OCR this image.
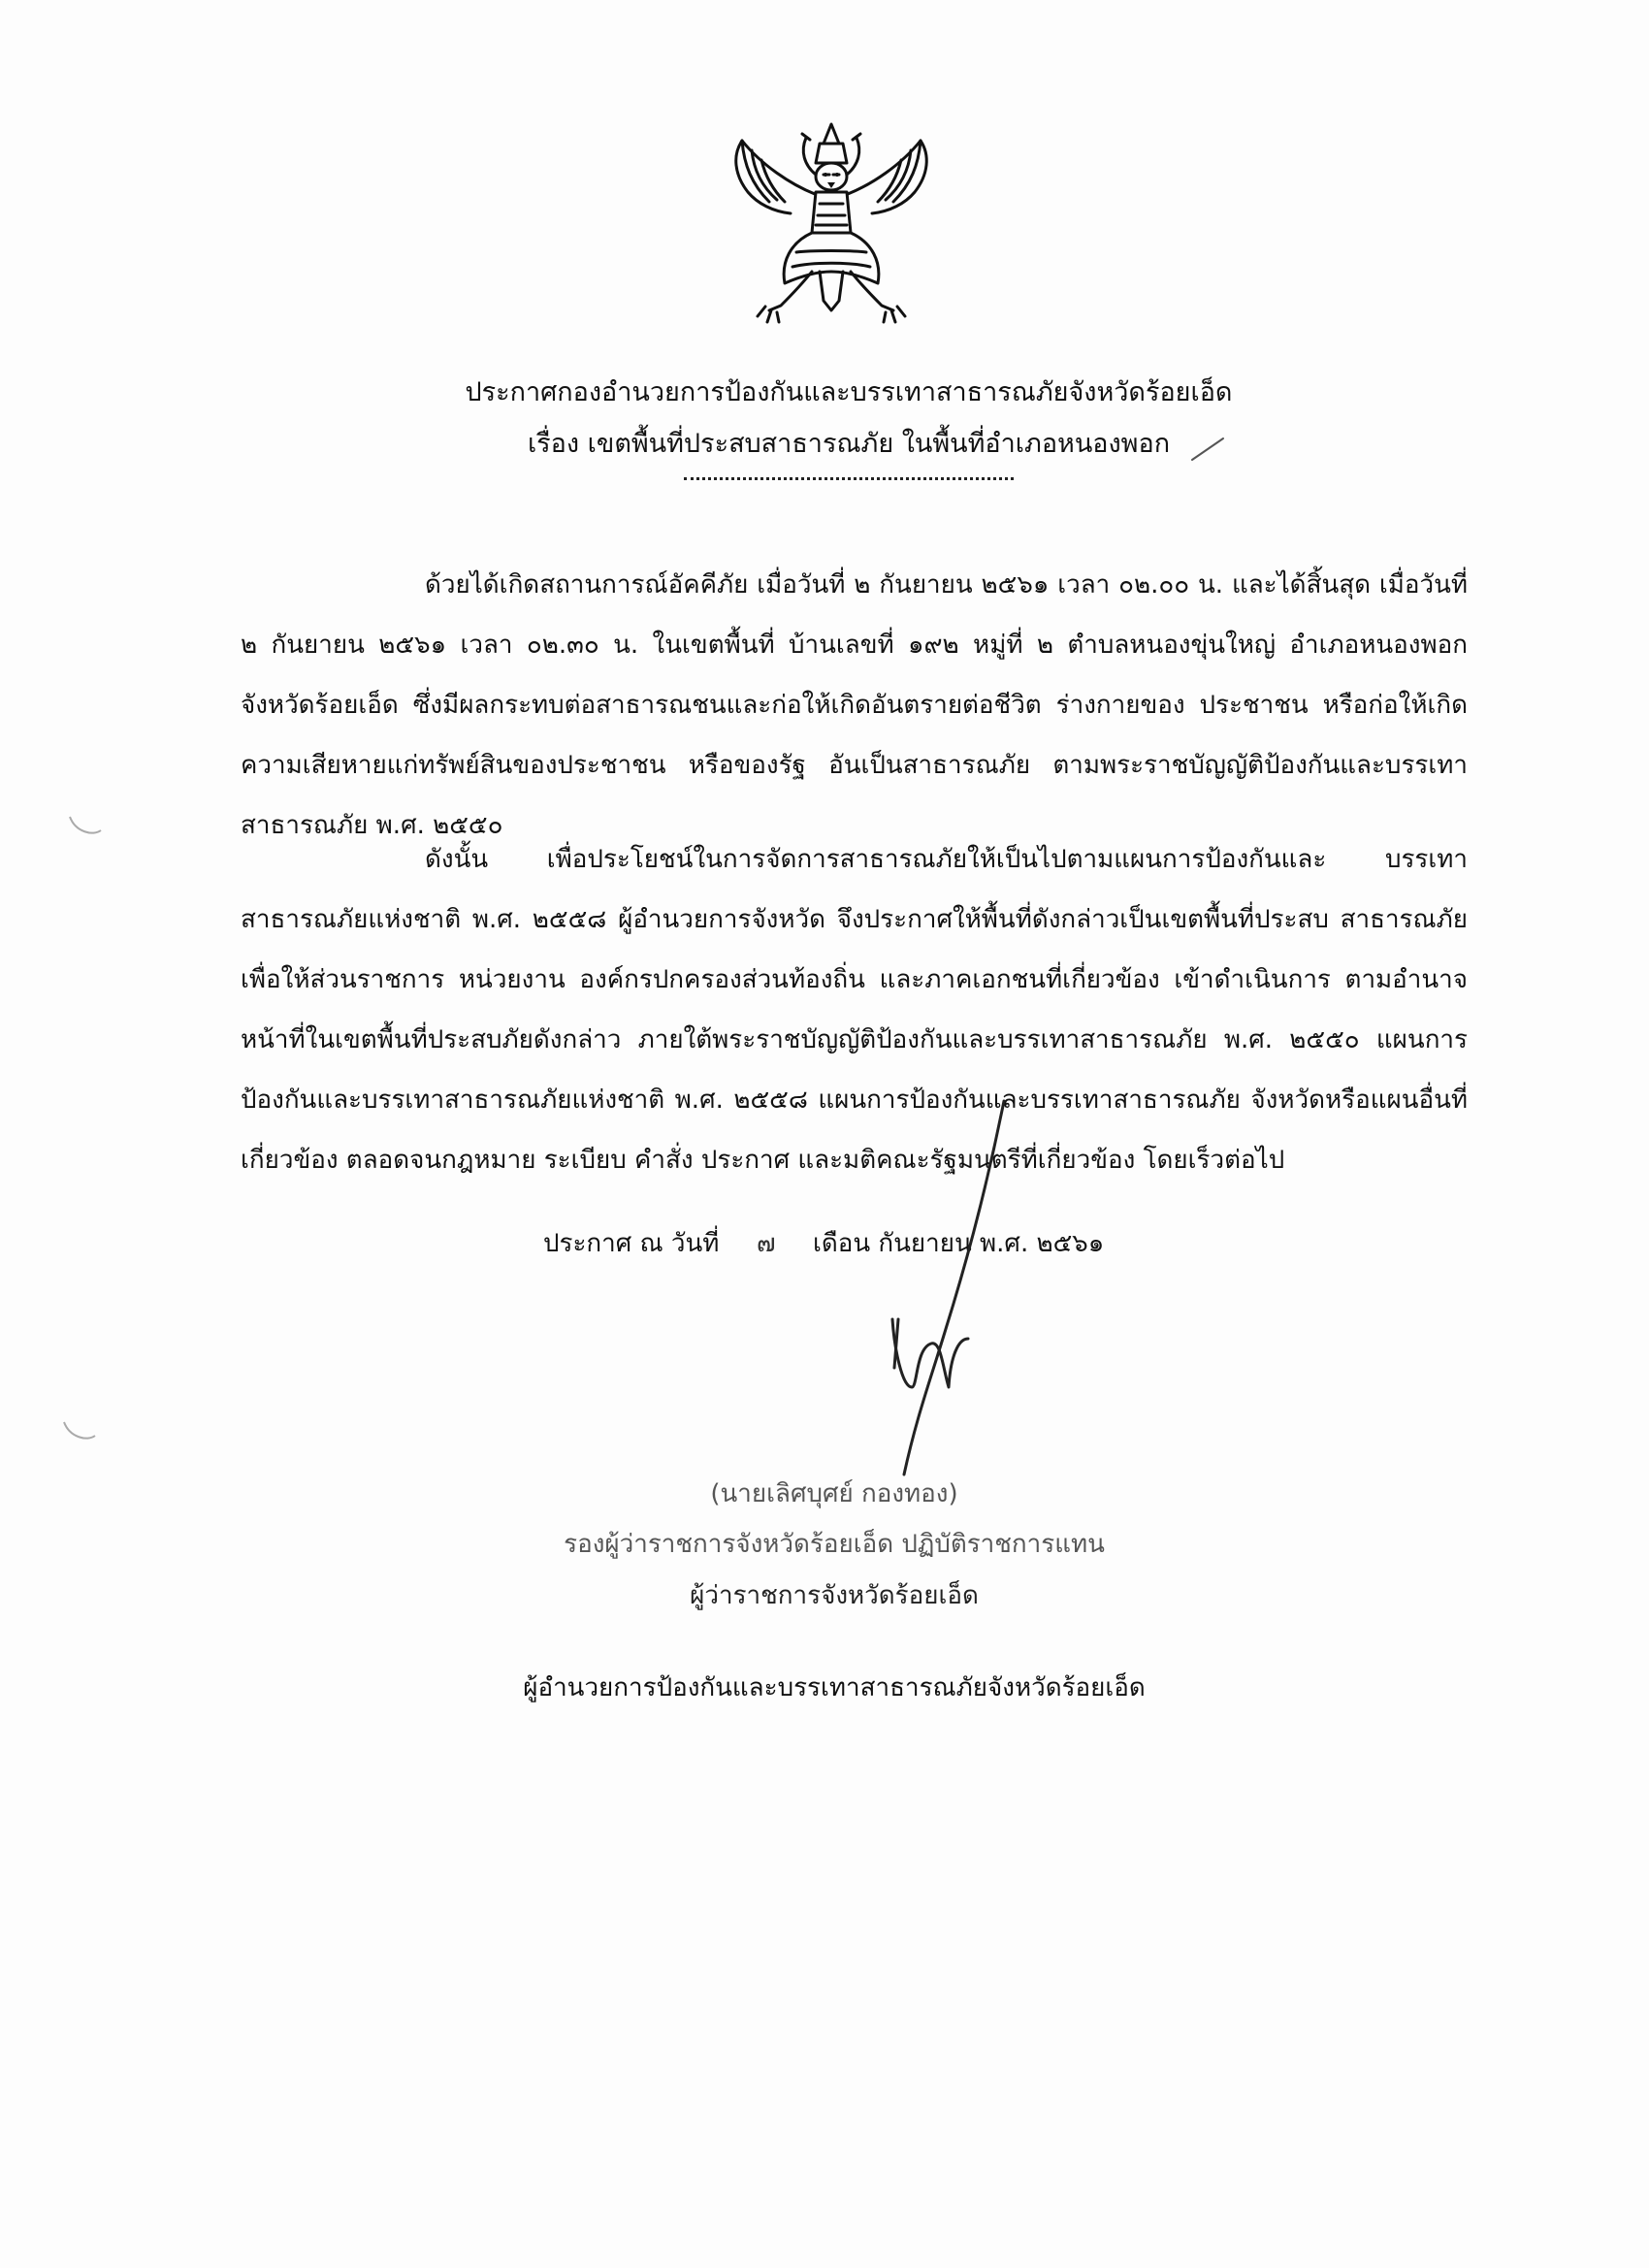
ประกาศกองอำนวยการป้องกันและบรรเทาสาธารณภัยจังหวัดร้อยเอ็ด
เรื่อง เขตพื้นที่ประสบสาธารณภัย ในพื้นที่อำเภอหนองพอก
ด้วยได้เกิดสถานการณ์อัคคีภัย เมื่อวันที่ ๒ กันยายน ๒๕๖๑ เวลา ๐๒.๐๐ น. และได้สิ้นสุด เมื่อวันที่ ๒ กันยายน ๒๕๖๑ เวลา ๐๒.๓๐ น. ในเขตพื้นที่ บ้านเลขที่ ๑๙๒ หมู่ที่ ๒ ตำบลหนองขุ่นใหญ่ อำเภอหนองพอก จังหวัดร้อยเอ็ด ซึ่งมีผลกระทบต่อสาธารณชนและก่อให้เกิดอันตรายต่อชีวิต ร่างกายของ ประชาชน หรือก่อให้เกิดความเสียหายแก่ทรัพย์สินของประชาชน หรือของรัฐ อันเป็นสาธารณภัย ตามพระราชบัญญัติป้องกันและบรรเทาสาธารณภัย พ.ศ. ๒๕๕๐
ดังนั้น เพื่อประโยชน์ในการจัดการสาธารณภัยให้เป็นไปตามแผนการป้องกันและ บรรเทาสาธารณภัยแห่งชาติ พ.ศ. ๒๕๕๘ ผู้อำนวยการจังหวัด จึงประกาศให้พื้นที่ดังกล่าวเป็นเขตพื้นที่ประสบ สาธารณภัย เพื่อให้ส่วนราชการ หน่วยงาน องค์กรปกครองส่วนท้องถิ่น และภาคเอกชนที่เกี่ยวข้อง เข้าดำเนินการ ตามอำนาจหน้าที่ในเขตพื้นที่ประสบภัยดังกล่าว ภายใต้พระราชบัญญัติป้องกันและบรรเทาสาธารณภัย พ.ศ. ๒๕๕๐ แผนการป้องกันและบรรเทาสาธารณภัยแห่งชาติ พ.ศ. ๒๕๕๘ แผนการป้องกันและบรรเทาสาธารณภัย จังหวัดหรือแผนอื่นที่เกี่ยวข้อง ตลอดจนกฎหมาย ระเบียบ คำสั่ง ประกาศ และมติคณะรัฐมนตรีที่เกี่ยวข้อง โดยเร็วต่อไป
ประกาศ ณ วันที่ ๗ เดือน กันยายน พ.ศ. ๒๕๖๑
(นายเลิศบุศย์ กองทอง)
รองผู้ว่าราชการจังหวัดร้อยเอ็ด ปฏิบัติราชการแทน
ผู้ว่าราชการจังหวัดร้อยเอ็ด
ผู้อำนวยการป้องกันและบรรเทาสาธารณภัยจังหวัดร้อยเอ็ด
